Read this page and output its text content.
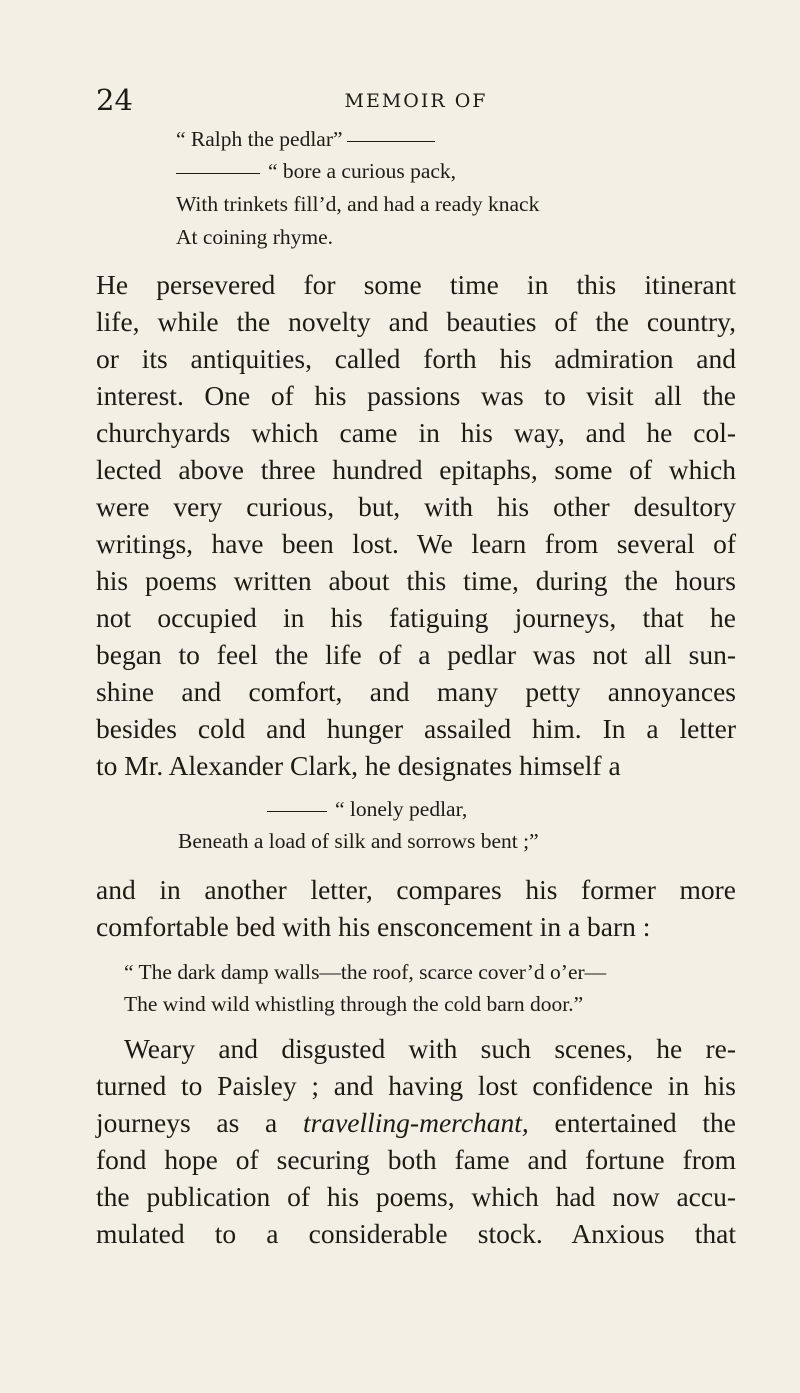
24	MEMOIR OF
“ Ralph the pedlar”
“ bore a curious pack,
With trinkets fill’d, and had a ready knack
At coining rhyme.
He persevered for some time in this itinerant
life, while the novelty and beauties of the country,
or its antiquities, called forth his admiration and
interest. One of his passions was to visit all the
churchyards which came in his way, and he col-
lected above three hundred epitaphs, some of which
were very curious, but, with his other desultory
writings, have been lost. We learn from several of
his poems written about this time, during the hours
not occupied in his fatiguing journeys, that he
began to feel the life of a pedlar was not all sun-
shine and comfort, and many petty annoyances
besides cold and hunger assailed him. In a letter
to Mr. Alexander Clark, he designates himself a
“ lonely pedlar,
Beneath a load of silk and sorrows bent ;”
and in another letter, compares his former more
comfortable bed with his ensconcement in a barn :
“ The dark damp walls—the roof, scarce cover’d o’er—
The wind wild whistling through the cold barn door.”
Weary and disgusted with such scenes, he re-
turned to Paisley ; and having lost confidence in his
journeys as a travelling-merchant, entertained the
fond hope of securing both fame and fortune from
the publication of his poems, which had now accu-
mulated to a considerable stock. Anxious that
